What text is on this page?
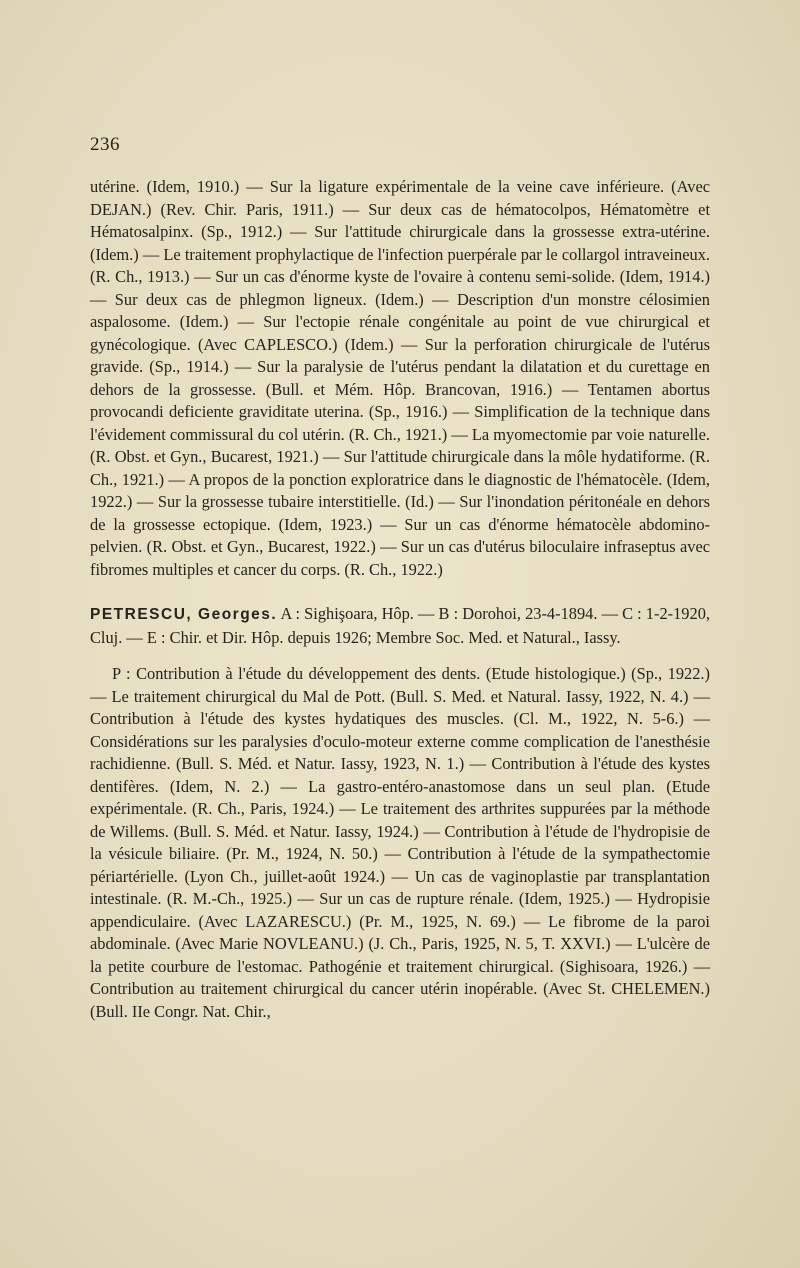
236

utérine. (Idem, 1910.) — Sur la ligature expérimentale de la veine cave inférieure. (Avec DEJAN.) (Rev. Chir. Paris, 1911.) — Sur deux cas de hématocolpos, Hématomètre et Hématosalpinx. (Sp., 1912.) — Sur l'attitude chirurgicale dans la grossesse extra-utérine. (Idem.) — Le traitement prophylactique de l'infection puerpérale par le collargol intraveineux. (R. Ch., 1913.) — Sur un cas d'énorme kyste de l'ovaire à contenu semi-solide. (Idem, 1914.) — Sur deux cas de phlegmon ligneux. (Idem.) — Description d'un monstre célosimien aspalosome. (Idem.) — Sur l'ectopie rénale congénitale au point de vue chirurgical et gynécologique. (Avec CAPLESCO.) (Idem.) — Sur la perforation chirurgicale de l'utérus gravide. (Sp., 1914.) — Sur la paralysie de l'utérus pendant la dilatation et du curettage en dehors de la grossesse. (Bull. et Mém. Hôp. Brancovan, 1916.) — Tentamen abortus provocandi deficiente graviditate uterina. (Sp., 1916.) — Simplification de la technique dans l'évidement commissural du col utérin. (R. Ch., 1921.) — La myomectomie par voie naturelle. (R. Obst. et Gyn., Bucarest, 1921.) — Sur l'attitude chirurgicale dans la môle hydatiforme. (R. Ch., 1921.) — A propos de la ponction exploratrice dans le diagnostic de l'hématocèle. (Idem, 1922.) — Sur la grossesse tubaire interstitielle. (Id.) — Sur l'inondation péritonéale en dehors de la grossesse ectopique. (Idem, 1923.) — Sur un cas d'énorme hématocèle abdomino-pelvien. (R. Obst. et Gyn., Bucarest, 1922.) — Sur un cas d'utérus biloculaire infraseptus avec fibromes multiples et cancer du corps. (R. Ch., 1922.)

PETRESCU, Georges. A : Sighişoara, Hôp. — B : Dorohoi, 23-4-1894. — C : 1-2-1920, Cluj. — E : Chir. et Dir. Hôp. depuis 1926; Membre Soc. Med. et Natural., Iassy.

P : Contribution à l'étude du développement des dents. (Etude histologique.) (Sp., 1922.) — Le traitement chirurgical du Mal de Pott. (Bull. S. Med. et Natural. Iassy, 1922, N. 4.) — Contribution à l'étude des kystes hydatiques des muscles. (Cl. M., 1922, N. 5-6.) — Considérations sur les paralysies d'oculo-moteur externe comme complication de l'anesthésie rachidienne. (Bull. S. Méd. et Natur. Iassy, 1923, N. 1.) — Contribution à l'étude des kystes dentifères. (Idem, N. 2.) — La gastro-entéro-anastomose dans un seul plan. (Etude expérimentale. (R. Ch., Paris, 1924.) — Le traitement des arthrites suppurées par la méthode de Willems. (Bull. S. Méd. et Natur. Iassy, 1924.) — Contribution à l'étude de l'hydropisie de la vésicule biliaire. (Pr. M., 1924, N. 50.) — Contribution à l'étude de la sympathectomie périartérielle. (Lyon Ch., juillet-août 1924.) — Un cas de vaginoplastie par transplantation intestinale. (R. M.-Ch., 1925.) — Sur un cas de rupture rénale. (Idem, 1925.) — Hydropisie appendiculaire. (Avec LAZARESCU.) (Pr. M., 1925, N. 69.) — Le fibrome de la paroi abdominale. (Avec Marie NOVLEANU.) (J. Ch., Paris, 1925, N. 5, T. XXVI.) — L'ulcère de la petite courbure de l'estomac. Pathogénie et traitement chirurgical. (Sighisoara, 1926.) — Contribution au traitement chirurgical du cancer utérin inopérable. (Avec St. CHELEMEN.) (Bull. IIe Congr. Nat. Chir.,
